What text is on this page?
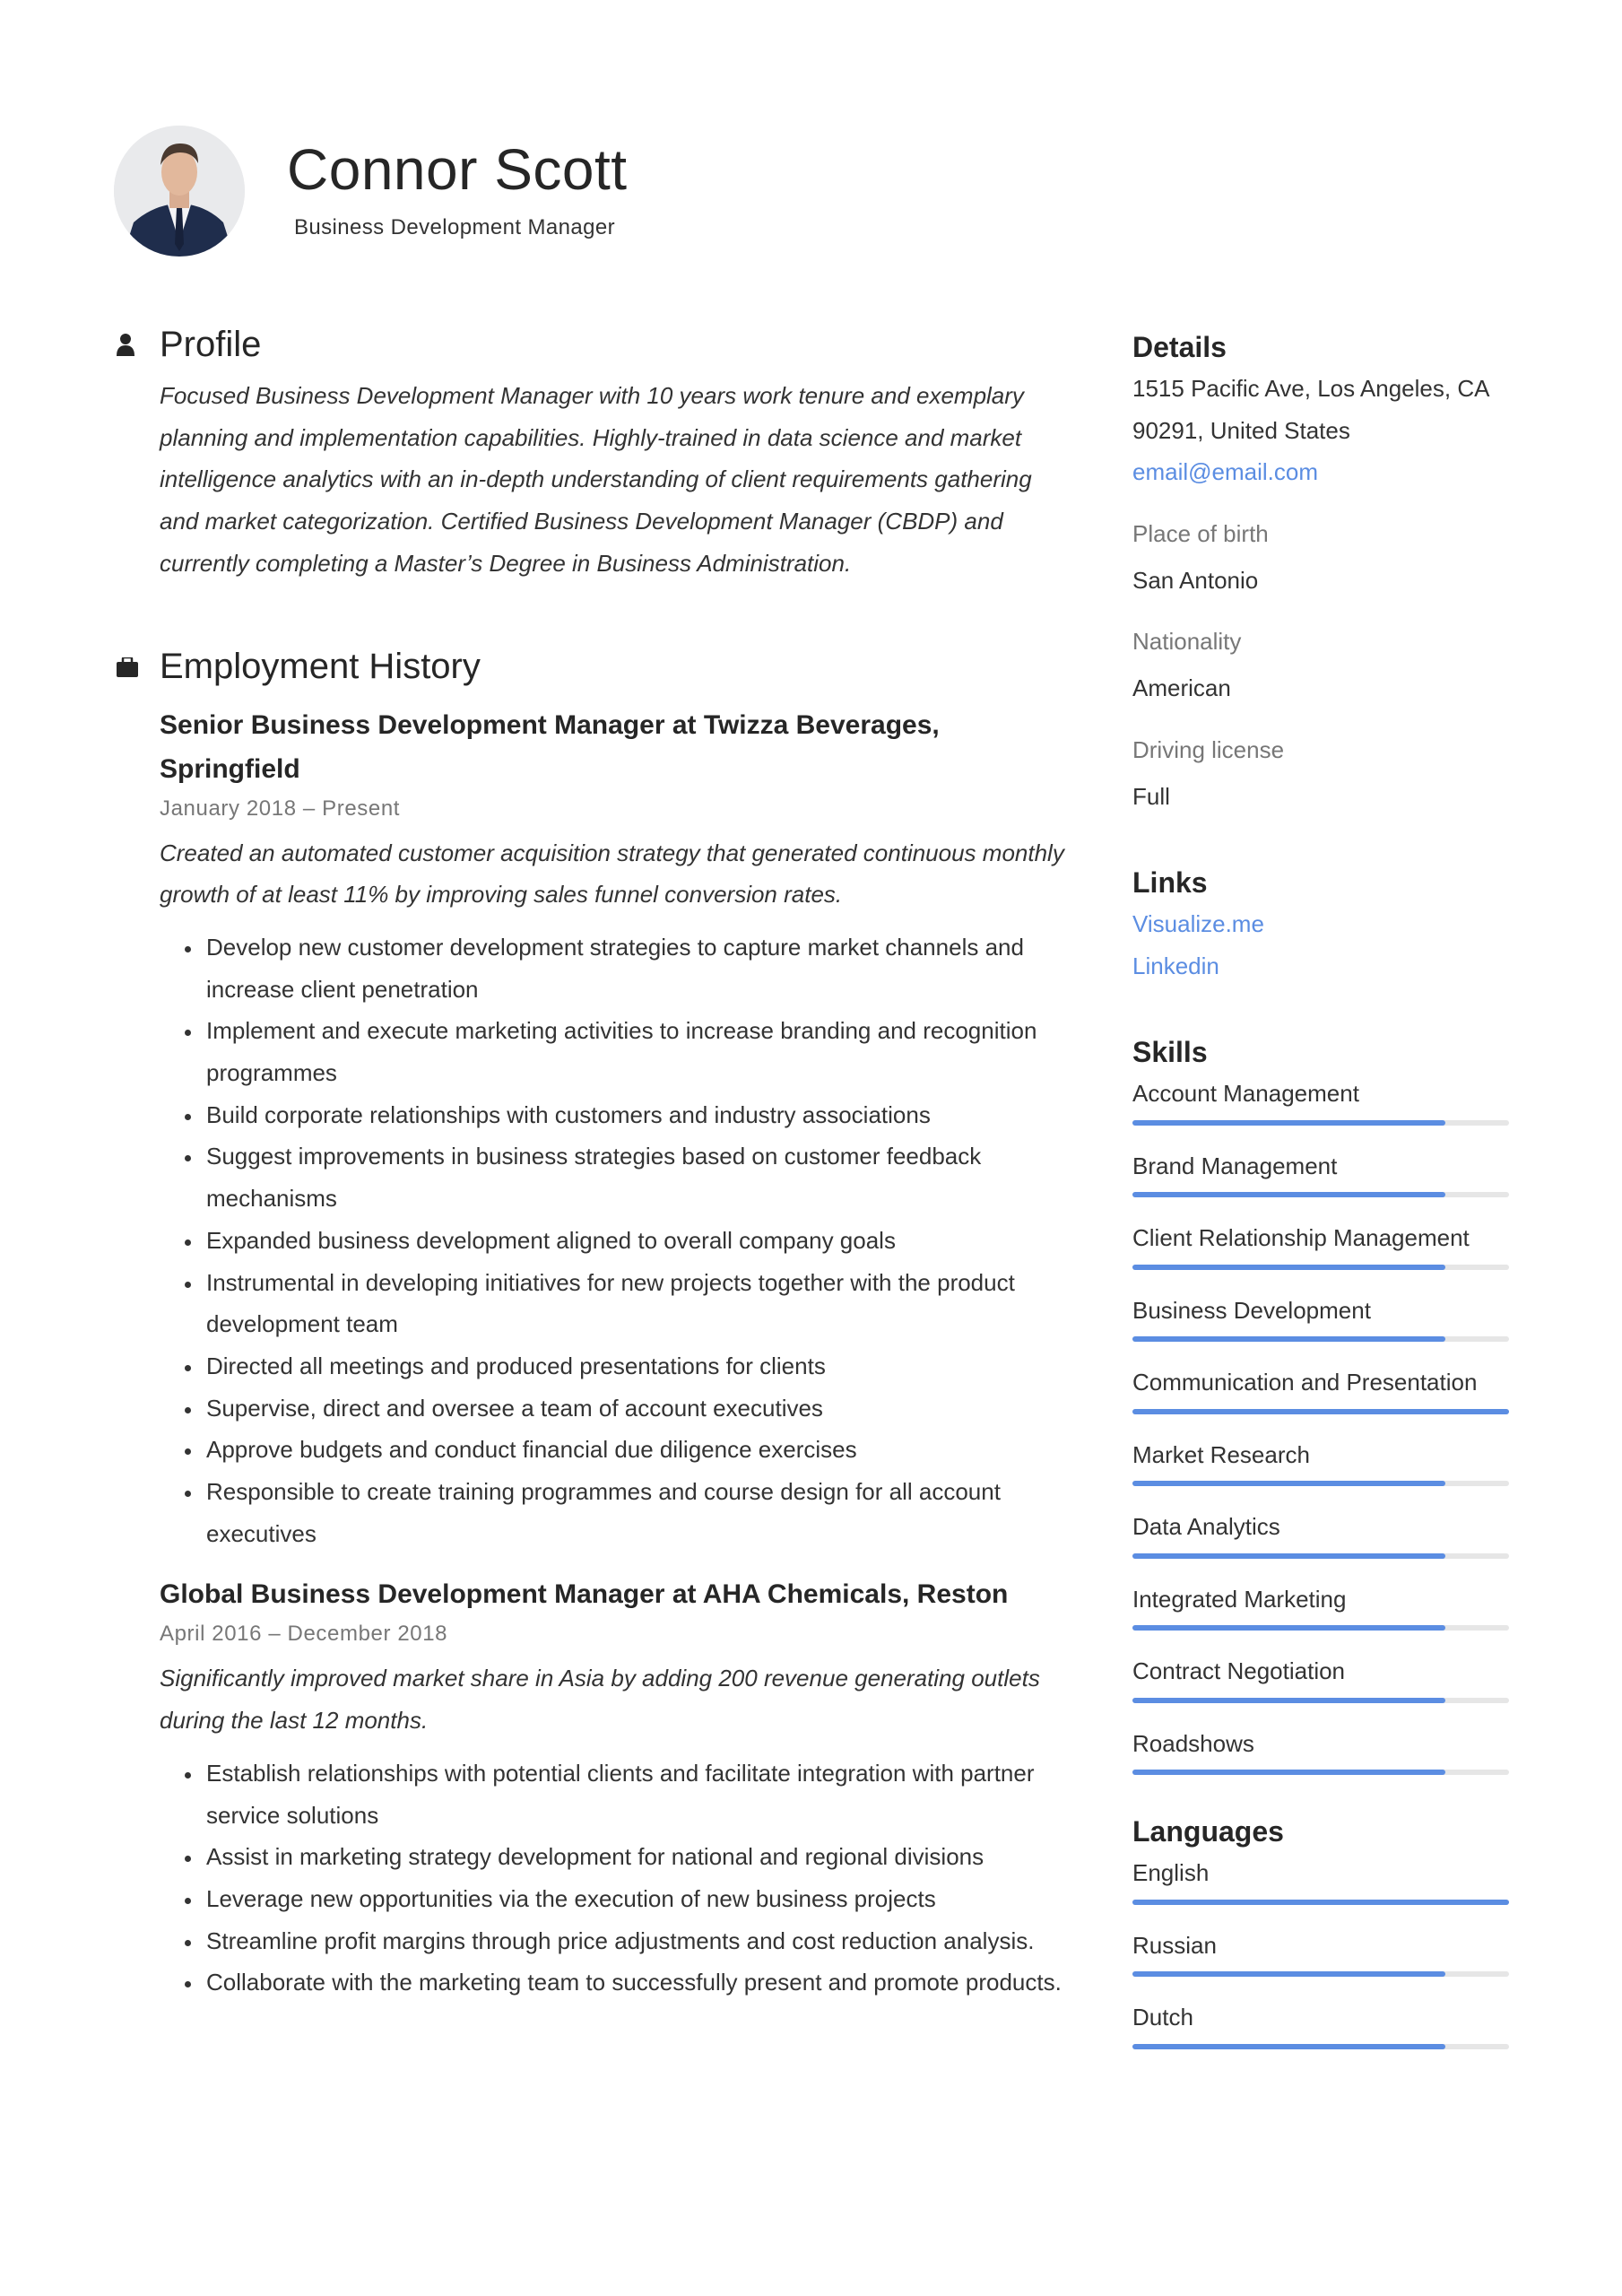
Connor Scott
Business Development Manager
Profile
Focused Business Development Manager with 10 years work tenure and exemplary planning and implementation capabilities. Highly-trained in data science and market intelligence analytics with an in-depth understanding of client requirements gathering and market categorization. Certified Business Development Manager (CBDP) and currently completing a Master’s Degree in Business Administration.
Employment History
Senior Business Development Manager at Twizza Beverages, Springfield
January 2018 – Present
Created an automated customer acquisition strategy that generated continuous monthly growth of at least 11% by improving sales funnel conversion rates.
• Develop new customer development strategies to capture market channels and increase client penetration
• Implement and execute marketing activities to increase branding and recognition programmes
• Build corporate relationships with customers and industry associations
• Suggest improvements in business strategies based on customer feedback mechanisms
• Expanded business development aligned to overall company goals
• Instrumental in developing initiatives for new projects together with the product development team
• Directed all meetings and produced presentations for clients
• Supervise, direct and oversee a team of account executives
• Approve budgets and conduct financial due diligence exercises
• Responsible to create training programmes and course design for all account executives
Global Business Development Manager at AHA Chemicals, Reston
April 2016 – December 2018
Significantly improved market share in Asia by adding 200 revenue generating outlets during the last 12 months.
• Establish relationships with potential clients and facilitate integration with partner service solutions
• Assist in marketing strategy development for national and regional divisions
• Leverage new opportunities via the execution of new business projects
• Streamline profit margins through price adjustments and cost reduction analysis.
• Collaborate with the marketing team to successfully present and promote products.
Details
1515 Pacific Ave, Los Angeles, CA
90291, United States
email@email.com
Place of birth
San Antonio
Nationality
American
Driving license
Full
Links
Visualize.me
Linkedin
Skills
Account Management
Brand Management
Client Relationship Management
Business Development
Communication and Presentation
Market Research
Data Analytics
Integrated Marketing
Contract Negotiation
Roadshows
Languages
English
Russian
Dutch
